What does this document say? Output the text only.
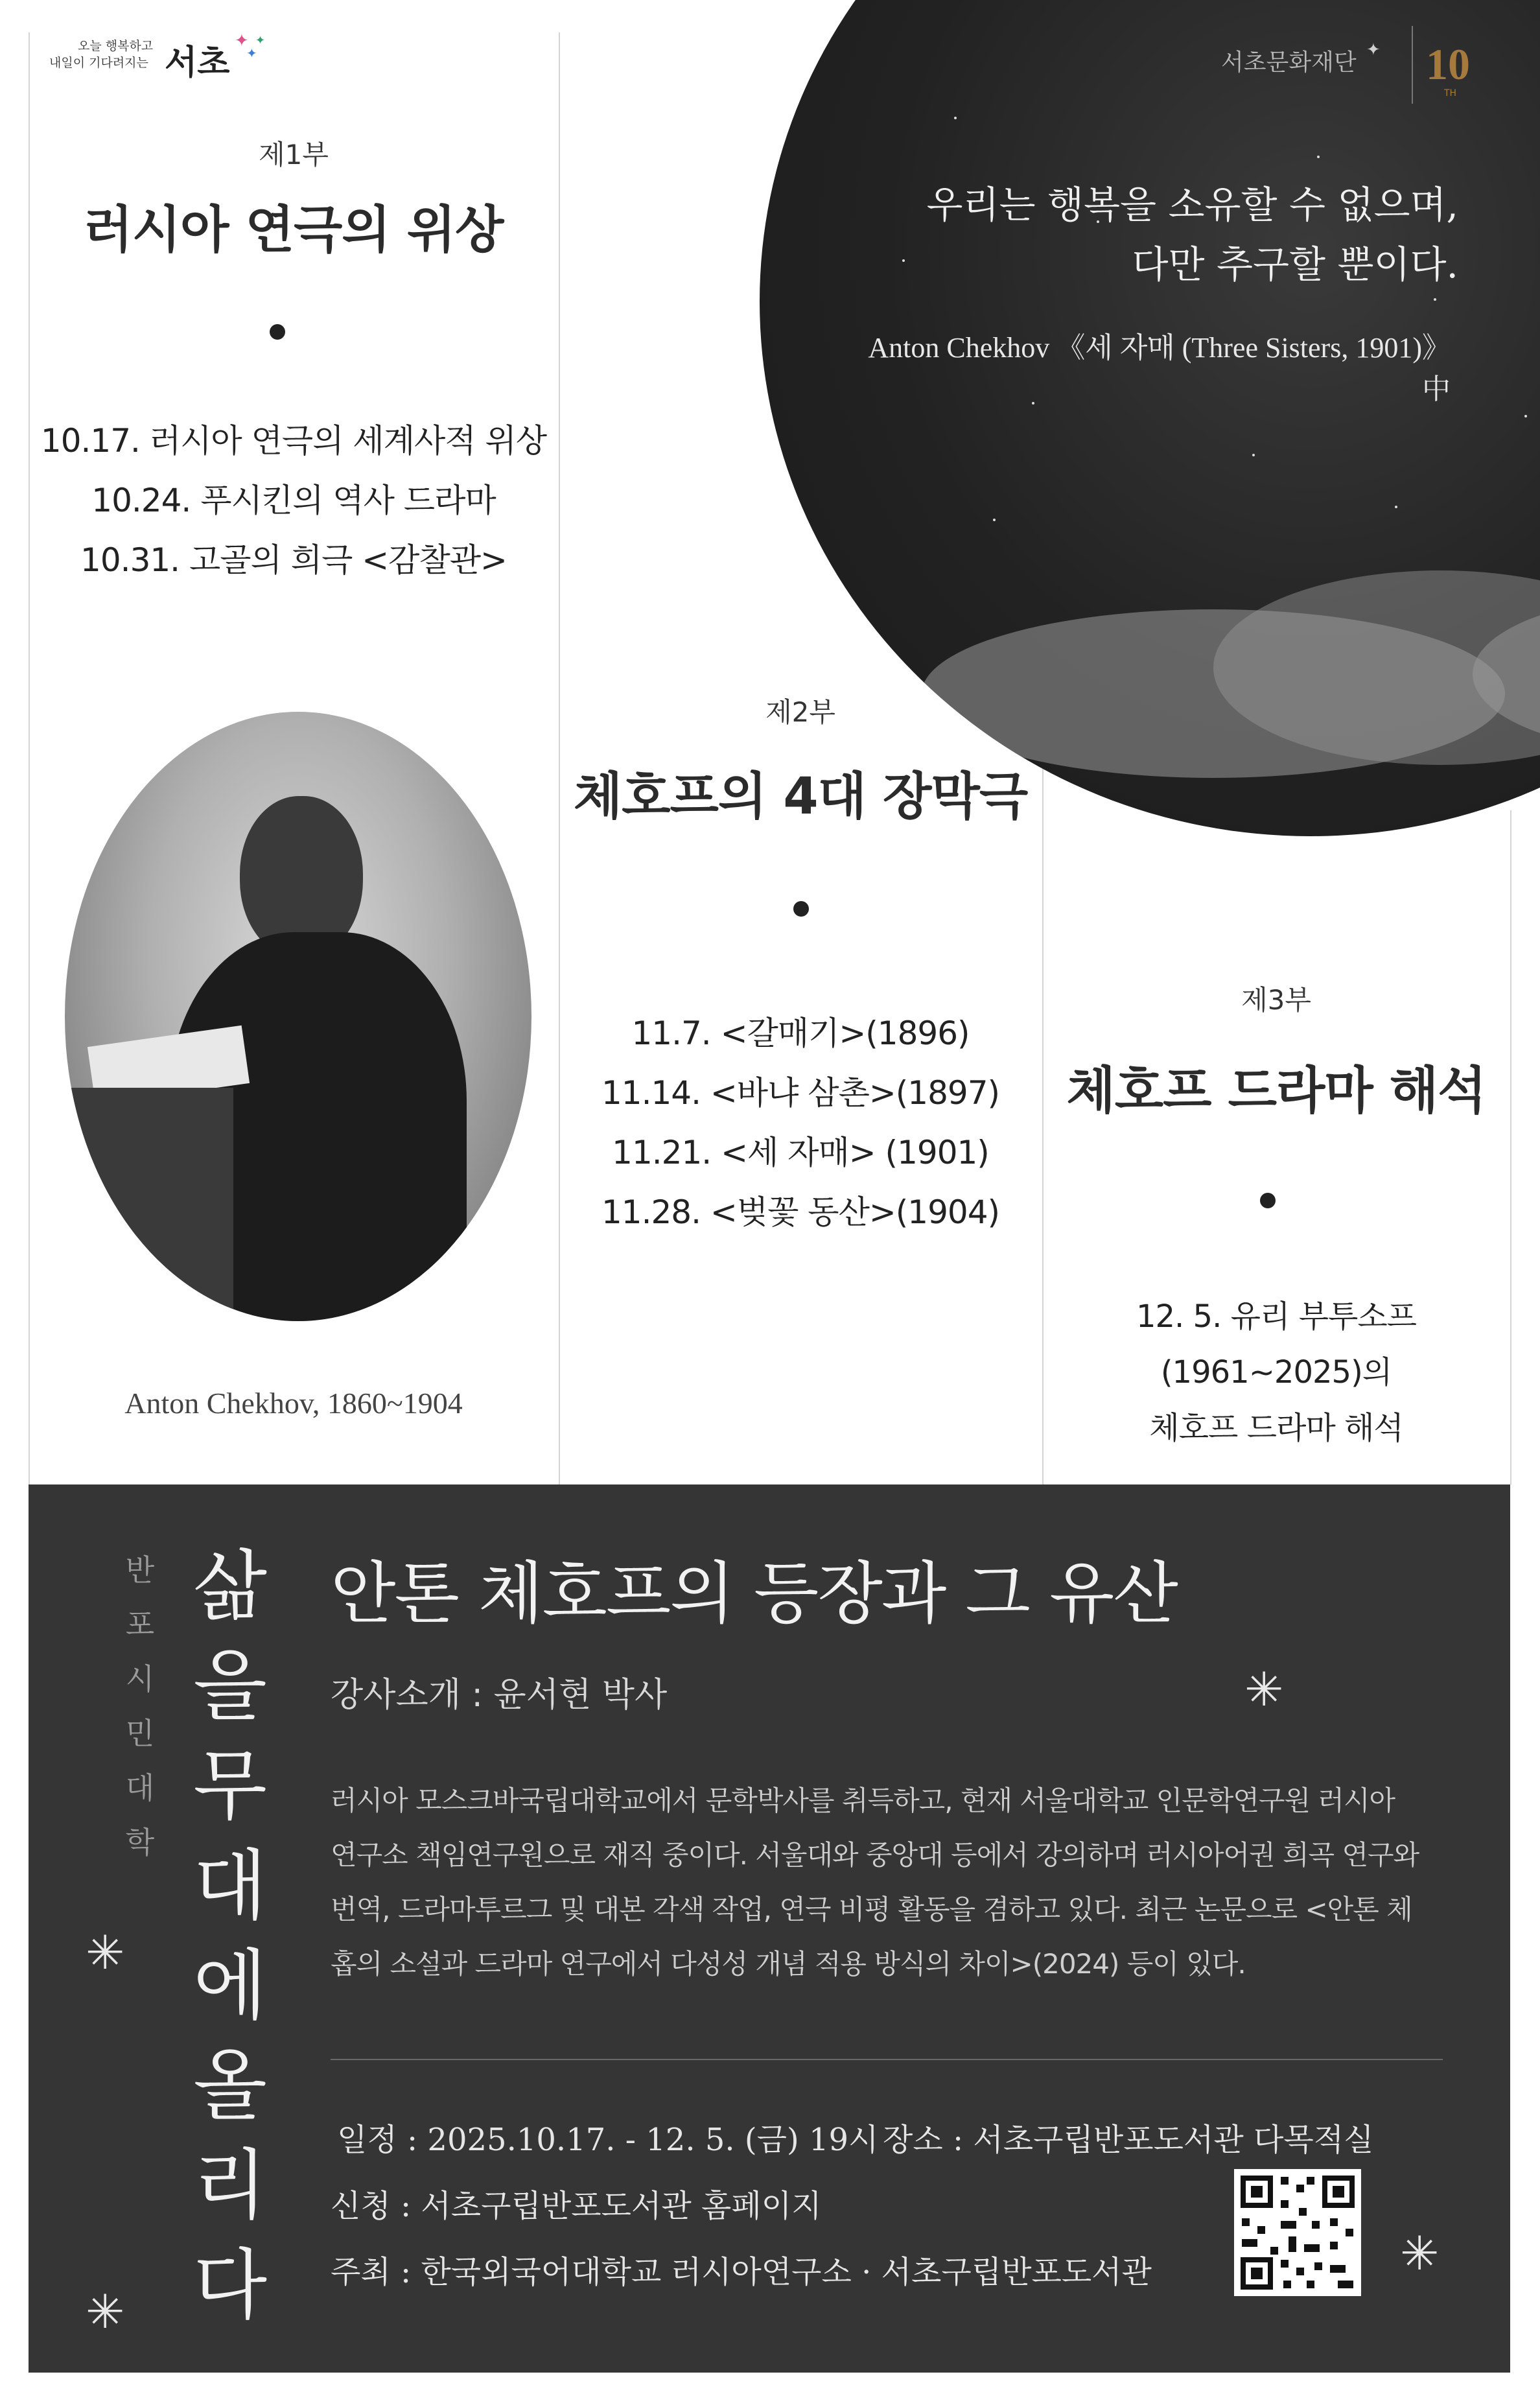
오늘 행복하고
내일이 기다려지는 서초
✦
✦
✦
서초문화재단 ✦ 10
TH
우리는 행복을 소유할 수 없으며,
다만 추구할 뿐이다.
Anton Chekhov 《세 자매 (Three Sisters, 1901)》 中
제1부
러시아 연극의 위상
10.17. 러시아 연극의 세계사적 위상
10.24. 푸시킨의 역사 드라마
10.31. 고골의 희극 <감찰관>
Anton Chekhov, 1860~1904
제2부
체호프의 4대 장막극
11.7. <갈매기>(1896)
11.14. <바냐 삼촌>(1897)
11.21. <세 자매> (1901)
11.28. <벚꽃 동산>(1904)
제3부
체호프 드라마 해석
12. 5. 유리 부투소프(1961~2025)의
체호프 드라마 해석
반
포
시
민
대
학
삶
을
무
대
에
올
리
다
✳
✳
✳
✳
안톤 체호프의 등장과 그 유산
강사소개 : 윤서현 박사
러시아 모스크바국립대학교에서 문학박사를 취득하고, 현재 서울대학교 인문학연구원 러시아
연구소 책임연구원으로 재직 중이다. 서울대와 중앙대 등에서 강의하며 러시아어권 희곡 연구와
번역, 드라마투르그 및 대본 각색 작업, 연극 비평 활동을 겸하고 있다. 최근 논문으로 <안톤 체
홉의 소설과 드라마 연구에서 다성성 개념 적용 방식의 차이>(2024) 등이 있다.
일정 : 2025.10.17. - 12. 5. (금) 19시 장소 : 서초구립반포도서관 다목적실
신청 : 서초구립반포도서관 홈페이지
주최 : 한국외국어대학교 러시아연구소 · 서초구립반포도서관
